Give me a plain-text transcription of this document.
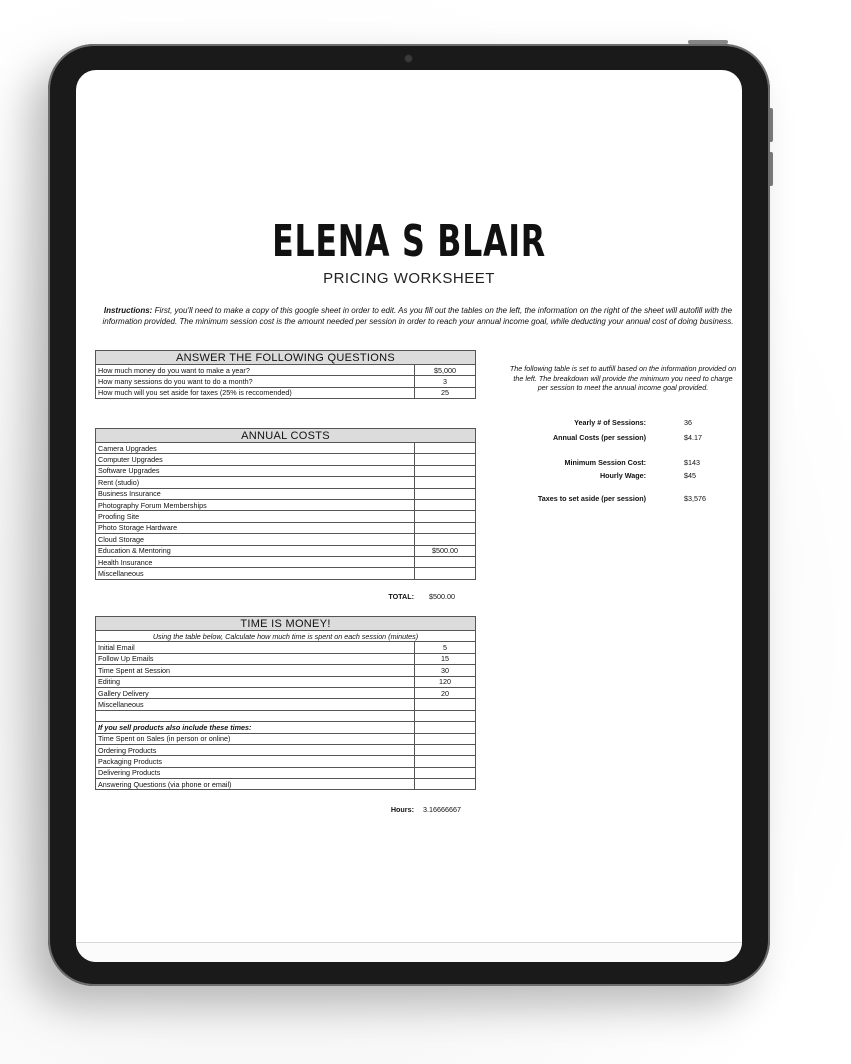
ELENA S BLAIR
PRICING WORKSHEET
Instructions: First, you'll need to make a copy of this google sheet in order to edit. As you fill out the tables on the left, the information on the right of the sheet will autofill with the information provided. The minimum session cost is the amount needed per session in order to reach your annual income goal, while deducting your annual cost of doing business.
ANSWER THE FOLLOWING QUESTIONS	
How much money do you want to make a year?	$5,000
How many sessions do you want to do a month?	3
How much will you set aside for taxes (25% is reccomended)	25
ANNUAL COSTS	
Camera Upgrades	
Computer Upgrades	
Software Upgrades	
Rent (studio)	
Business Insurance	
Photography Forum Memberships	
Proofing Site	
Photo Storage Hardware	
Cloud Storage	
Education & Mentoring	$500.00
Health Insurance	
Miscellaneous	
TOTAL: $500.00
TIME IS MONEY!	
Using the table below, Calculate how much time is spent on each session (minutes)	
Initial Email	5
Follow Up Emails	15
Time Spent at Session	30
Editing	120
Gallery Delivery	20
Miscellaneous	

If you sell products also include these times:	
Time Spent on Sales (in person or online)	
Ordering Products	
Packaging Products	
Delivering Products	
Answering Questions (via phone or email)	
Hours: 3.16666667
The following table is set to autfill based on the information provided on the left. The breakdown will provide the minimum you need to charge per session to meet the annual income goal provided.
Yearly # of Sessions:	36
Annual Costs (per session)	$4.17
Minimum Session Cost:	$143
Hourly Wage:	$45
Taxes to set aside (per session)	$3,576
